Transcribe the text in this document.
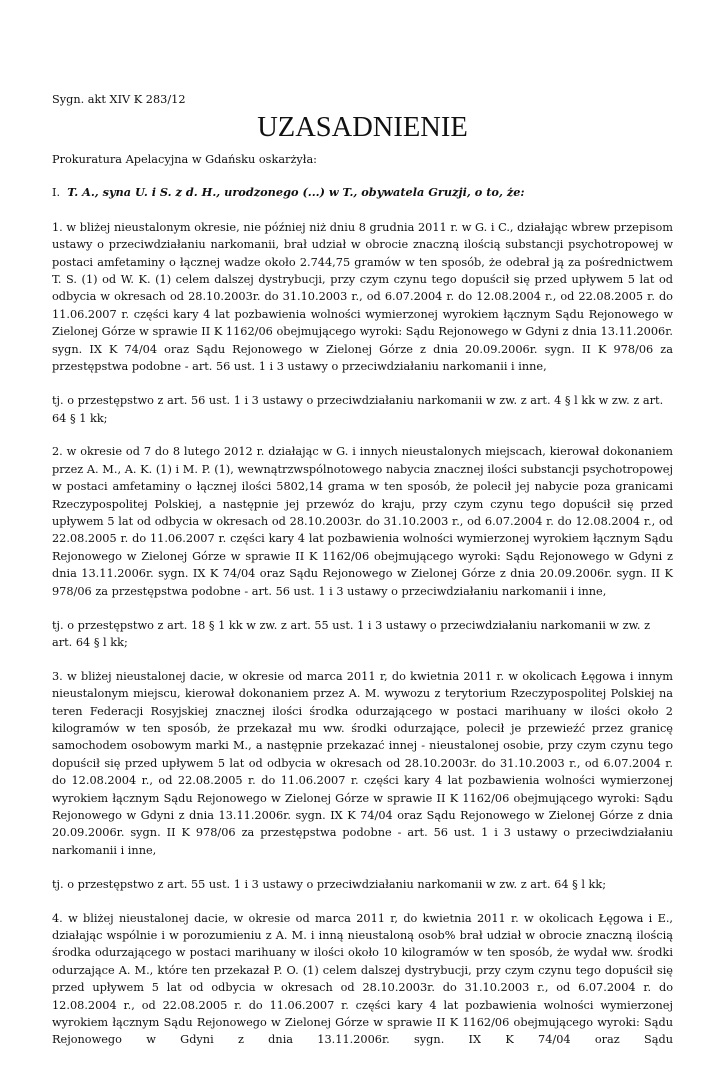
Sygn. akt XIV K 283/12
UZASADNIENIE

Prokuratura Apelacyjna w Gdańsku oskarżyła:

I. T. A., syna U. i S. z d. H., urodzonego (...) w T., obywatela Gruzji, o to, że:

1. w bliżej nieustalonym okresie, nie później niż dniu 8 grudnia 2011 r. w G. i C., działając wbrew przepisom ustawy o przeciwdziałaniu narkomanii, brał udział w obrocie znaczną ilością substancji psychotropowej w postaci amfetaminy o łącznej wadze około 2.744,75 gramów w ten sposób, że odebrał ją za pośrednictwem T. S. (1) od W. K. (1) celem dalszej dystrybucji, przy czym czynu tego dopuścił się przed upływem 5 lat od odbycia w okresach od 28.10.2003r. do 31.10.2003 r., od 6.07.2004 r. do 12.08.2004 r., od 22.08.2005 r. do 11.06.2007 r. części kary 4 lat pozbawienia wolności wymierzonej wyrokiem łącznym Sądu Rejonowego w Zielonej Górze w sprawie II K 1162/06 obejmującego wyroki: Sądu Rejonowego w Gdyni z dnia 13.11.2006r. sygn. IX K 74/04 oraz Sądu Rejonowego w Zielonej Górze z dnia 20.09.2006r. sygn. II K 978/06 za przestępstwa podobne - art. 56 ust. 1 i 3 ustawy o przeciwdziałaniu narkomanii i inne,

tj. o przestępstwo z art. 56 ust. 1 i 3 ustawy o przeciwdziałaniu narkomanii w zw. z art. 4 § l kk w zw. z art. 64 § 1 kk;

2. w okresie od 7 do 8 lutego 2012 r. działając w G. i innych nieustalonych miejscach, kierował dokonaniem przez A. M., A. K. (1) i M. P. (1), wewnątrzwspólnotowego nabycia znacznej ilości substancji psychotropowej w postaci amfetaminy o łącznej ilości 5802,14 grama w ten sposób, że polecił jej nabycie poza granicami Rzeczypospolitej Polskiej, a następnie jej przewóz do kraju, przy czym czynu tego dopuścił się przed upływem 5 lat od odbycia w okresach od 28.10.2003r. do 31.10.2003 r., od 6.07.2004 r. do 12.08.2004 r., od 22.08.2005 r. do 11.06.2007 r. części kary 4 lat pozbawienia wolności wymierzonej wyrokiem łącznym Sądu Rejonowego w Zielonej Górze w sprawie II K 1162/06 obejmującego wyroki: Sądu Rejonowego w Gdyni z dnia 13.11.2006r. sygn. IX K 74/04 oraz Sądu Rejonowego w Zielonej Górze z dnia 20.09.2006r. sygn. II K 978/06 za przestępstwa podobne - art. 56 ust. 1 i 3 ustawy o przeciwdziałaniu narkomanii i inne,

tj. o przestępstwo z art. 18 § 1 kk w zw. z art. 55 ust. 1 i 3 ustawy o przeciwdziałaniu narkomanii w zw. z art. 64 § l kk;

3. w bliżej nieustalonej dacie, w okresie od marca 2011 r, do kwietnia 2011 r. w okolicach Łęgowa i innym nieustalonym miejscu, kierował dokonaniem przez A. M. wywozu z terytorium Rzeczypospolitej Polskiej na teren Federacji Rosyjskiej znacznej ilości środka odurzającego w postaci marihuany w ilości około 2 kilogramów w ten sposób, że przekazał mu ww. środki odurzające, polecił je przewieźć przez granicę samochodem osobowym marki M., a następnie przekazać innej - nieustalonej osobie, przy czym czynu tego dopuścił się przed upływem 5 lat od odbycia w okresach od 28.10.2003r. do 31.10.2003 r., od 6.07.2004 r. do 12.08.2004 r., od 22.08.2005 r. do 11.06.2007 r. części kary 4 lat pozbawienia wolności wymierzonej wyrokiem łącznym Sądu Rejonowego w Zielonej Górze w sprawie II K 1162/06 obejmującego wyroki: Sądu Rejonowego w Gdyni z dnia 13.11.2006r. sygn. IX K 74/04 oraz Sądu Rejonowego w Zielonej Górze z dnia 20.09.2006r. sygn. II K 978/06 za przestępstwa podobne - art. 56 ust. 1 i 3 ustawy o przeciwdziałaniu narkomanii i inne,

tj. o przestępstwo z art. 55 ust. 1 i 3 ustawy o przeciwdziałaniu narkomanii w zw. z art. 64 § l kk;

4. w bliżej nieustalonej dacie, w okresie od marca 2011 r, do kwietnia 2011 r. w okolicach Łęgowa i E., działając wspólnie i w porozumieniu z A. M. i inną nieustaloną osob% brał udział w obrocie znaczną ilością środka odurzającego w postaci marihuany w ilości około 10 kilogramów w ten sposób, że wydał ww. środki odurzające A. M., które ten przekazał P. O. (1) celem dalszej dystrybucji, przy czym czynu tego dopuścił się przed upływem 5 lat od odbycia w okresach od 28.10.2003r. do 31.10.2003 r., od 6.07.2004 r. do 12.08.2004 r., od 22.08.2005 r. do 11.06.2007 r. części kary 4 lat pozbawienia wolności wymierzonej wyrokiem łącznym Sądu Rejonowego w Zielonej Górze w sprawie II K 1162/06 obejmującego wyroki: Sądu Rejonowego w Gdyni z dnia 13.11.2006r. sygn. IX K 74/04 oraz Sądu
